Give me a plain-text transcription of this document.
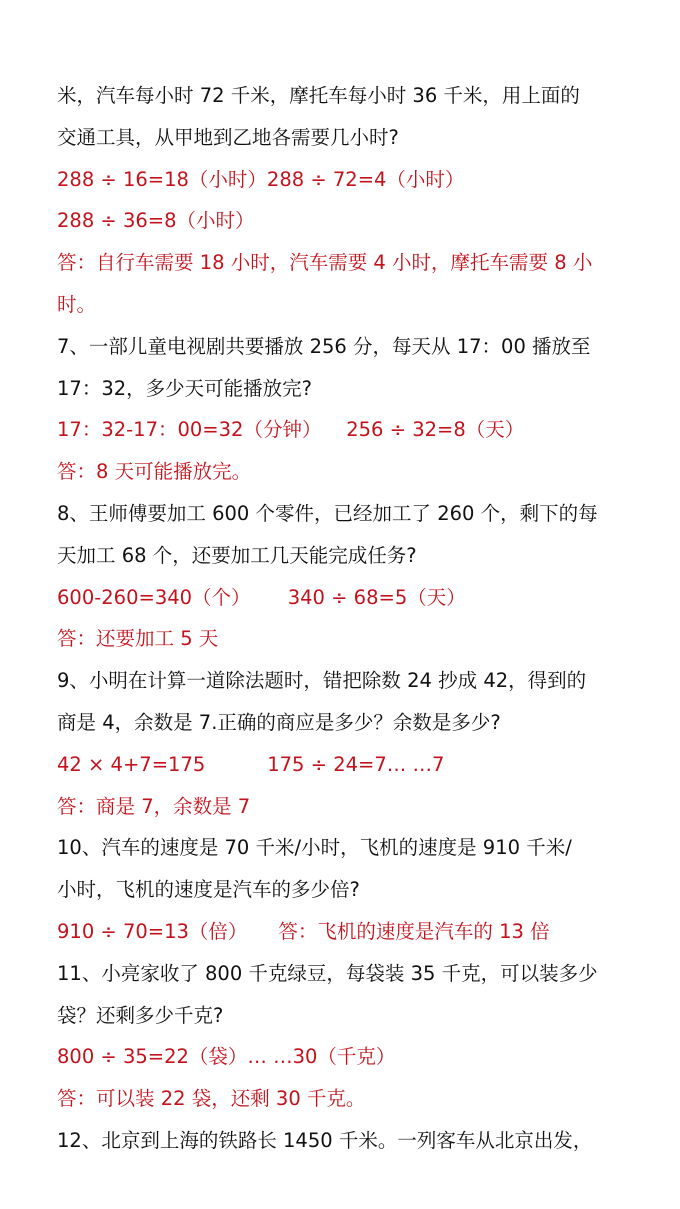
米，汽车每小时 72 千米，摩托车每小时 36 千米，用上面的
交通工具，从甲地到乙地各需要几小时?
288 ÷ 16=18（小时）288 ÷ 72=4（小时）
288 ÷ 36=8（小时）
答：自行车需要 18 小时，汽车需要 4 小时，摩托车需要 8 小
时。
7、一部儿童电视剧共要播放 256 分，每天从 17：00 播放至
17：32，多少天可能播放完?
17：32-17：00=32（分钟）    256 ÷ 32=8（天）
答：8 天可能播放完。
8、王师傅要加工 600 个零件，已经加工了 260 个，剩下的每
天加工 68 个，还要加工几天能完成任务?
600-260=340（个）      340 ÷ 68=5（天）
答：还要加工 5 天
9、小明在计算一道除法题时，错把除数 24 抄成 42，得到的
商是 4，余数是 7.正确的商应是多少？余数是多少?
42 × 4+7=175          175 ÷ 24=7… …7
答：商是 7，余数是 7
10、汽车的速度是 70 千米/小时，飞机的速度是 910 千米/
小时，飞机的速度是汽车的多少倍?
910 ÷ 70=13（倍）     答：飞机的速度是汽车的 13 倍
11、小亮家收了 800 千克绿豆，每袋装 35 千克，可以装多少
袋？还剩多少千克?
800 ÷ 35=22（袋）… …30（千克）
答：可以装 22 袋，还剩 30 千克。
12、北京到上海的铁路长 1450 千米。一列客车从北京出发，
